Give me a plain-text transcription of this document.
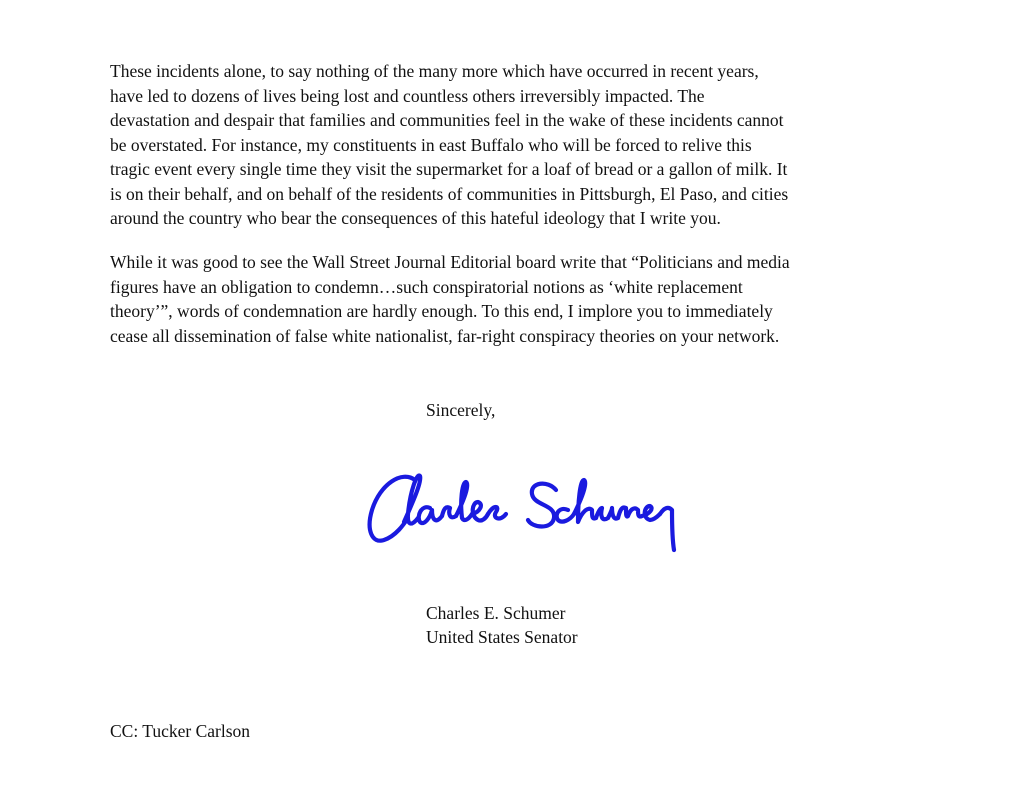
These incidents alone, to say nothing of the many more which have occurred in recent years,
have led to dozens of lives being lost and countless others irreversibly impacted. The
devastation and despair that families and communities feel in the wake of these incidents cannot
be overstated. For instance, my constituents in east Buffalo who will be forced to relive this
tragic event every single time they visit the supermarket for a loaf of bread or a gallon of milk. It
is on their behalf, and on behalf of the residents of communities in Pittsburgh, El Paso, and cities
around the country who bear the consequences of this hateful ideology that I write you.
While it was good to see the Wall Street Journal Editorial board write that “Politicians and media
figures have an obligation to condemn…such conspiratorial notions as ‘white replacement
theory’”, words of condemnation are hardly enough. To this end, I implore you to immediately
cease all dissemination of false white nationalist, far-right conspiracy theories on your network.
Sincerely,
Charles E. Schumer
United States Senator
CC: Tucker Carlson
